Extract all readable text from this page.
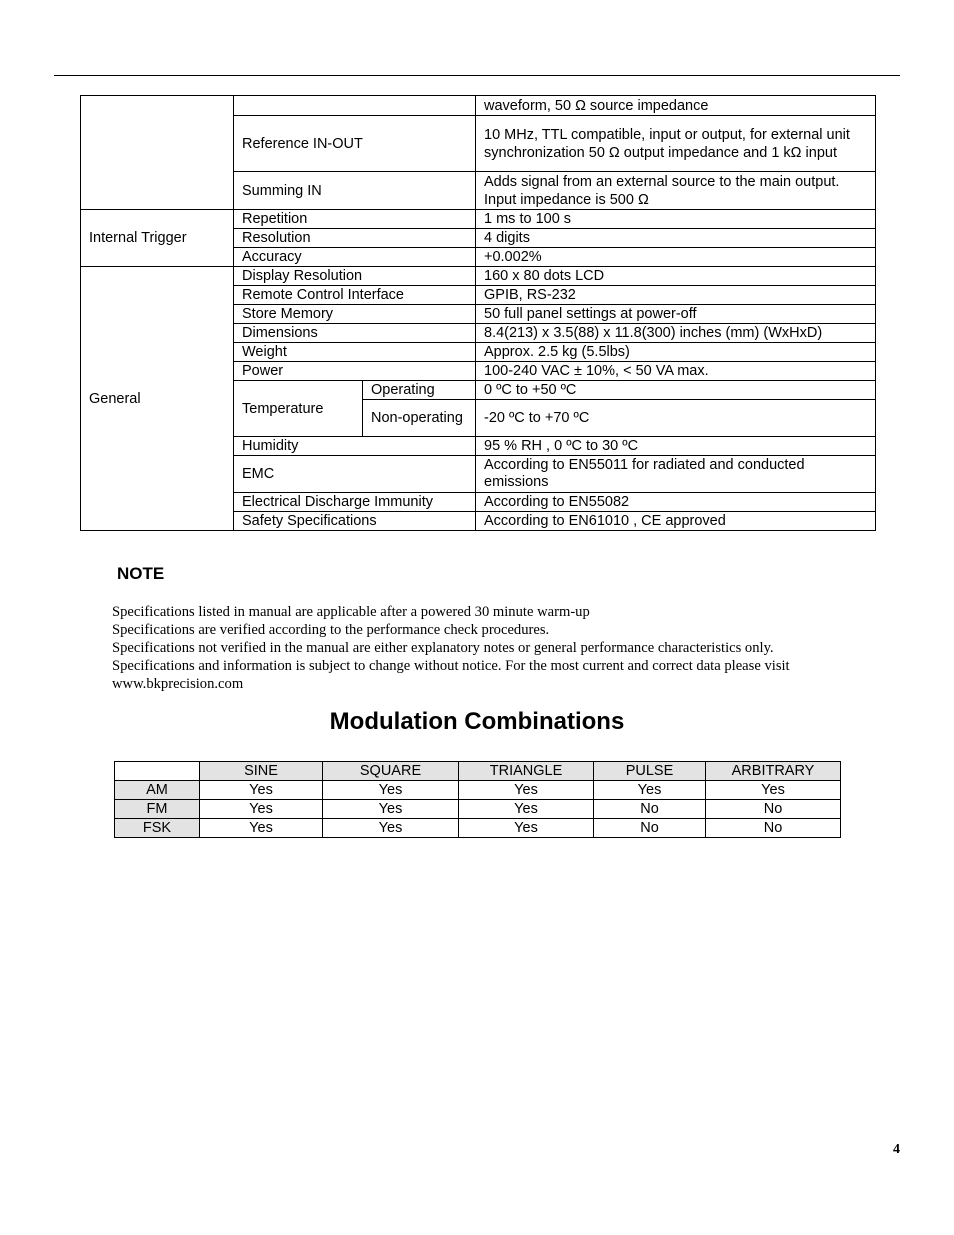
			waveform, 50 Ω source impedance
	Reference IN-OUT		10 MHz, TTL compatible, input or output, for external unit synchronization 50 Ω output impedance and 1 kΩ input
	Summing IN		Adds signal from an external source to the main output. Input impedance is 500 Ω
Internal Trigger	Repetition		1 ms to 100 s
	Resolution		4 digits
	Accuracy		+0.002%
General	Display Resolution		160 x 80 dots LCD
	Remote Control Interface		GPIB, RS-232
	Store Memory		50 full panel settings at power-off
	Dimensions		8.4(213) x 3.5(88) x 11.8(300) inches (mm) (WxHxD)
	Weight		Approx. 2.5 kg (5.5lbs)
	Power		100-240 VAC ± 10%, < 50 VA max.
	Temperature	Operating	0 ºC to +50 ºC
		Non-operating	-20 ºC to +70 ºC
	Humidity		95 % RH , 0 ºC to 30 ºC
	EMC		According to EN55011 for radiated and conducted emissions
	Electrical Discharge Immunity		According to EN55082
	Safety Specifications		According to EN61010 , CE approved
NOTE

Specifications listed in manual are applicable after a powered 30 minute warm-up

Specifications are verified according to the performance check procedures.

Specifications not verified in the manual are either explanatory notes or general performance characteristics only.

Specifications and information is subject to change without notice. For the most current and correct data please visit www.bkprecision.com

Modulation Combinations
	SINE	SQUARE	TRIANGLE	PULSE	ARBITRARY
AM	Yes	Yes	Yes	Yes	Yes
FM	Yes	Yes	Yes	No	No
FSK	Yes	Yes	Yes	No	No
4
